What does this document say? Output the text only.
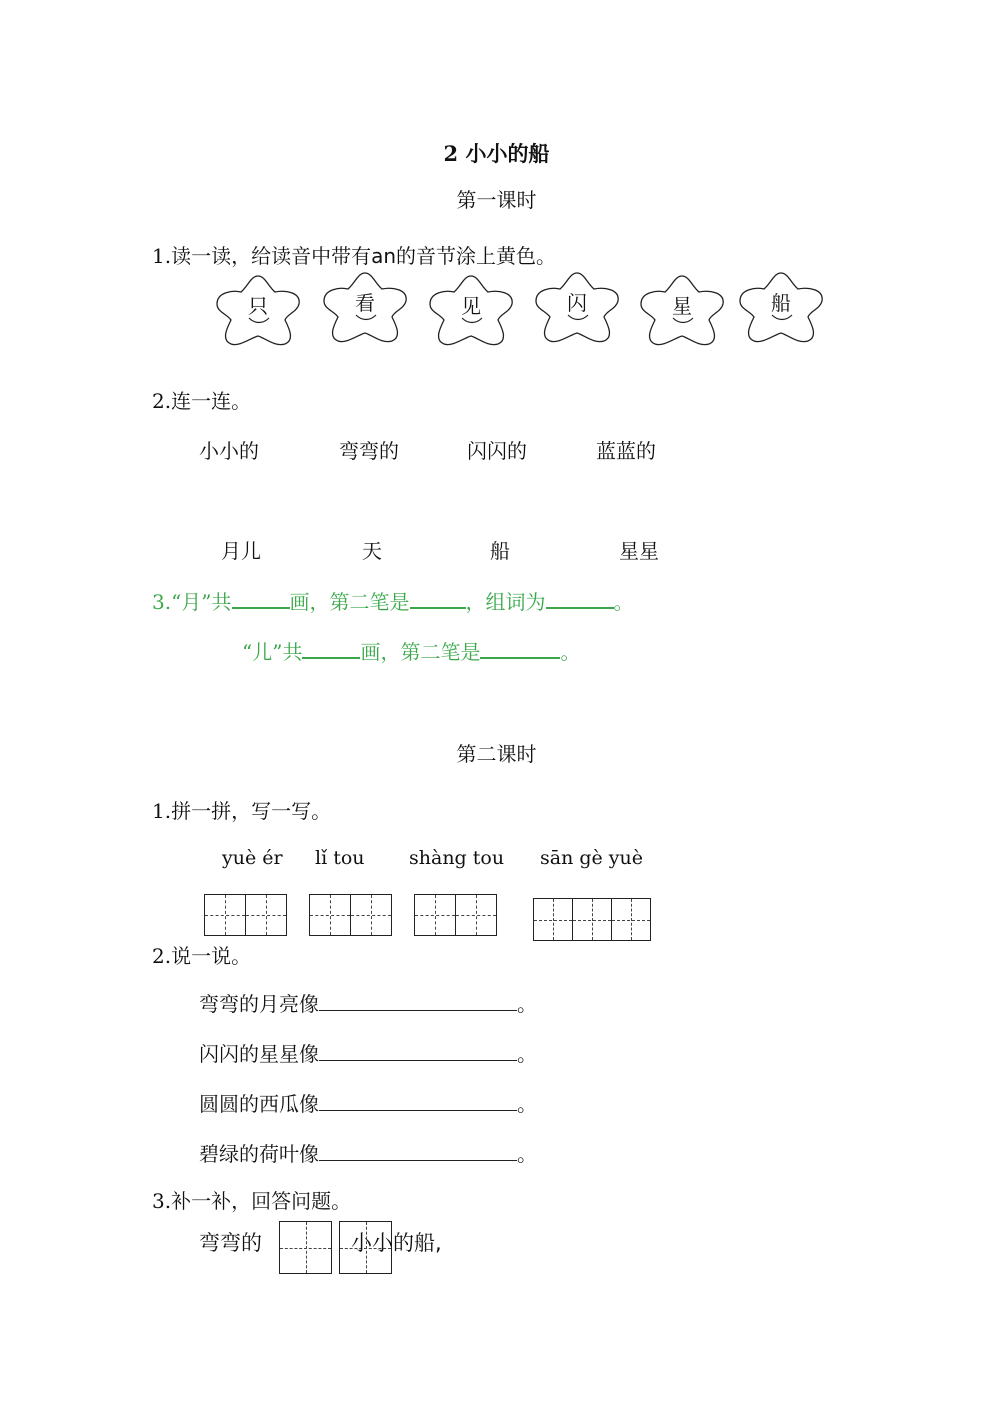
2 小小的船
第一课时
1.读一读，给读音中带有an的音节涂上黄色。
只	看	见	闪	星	船
2.连一连。
小小的	弯弯的	闪闪的	蓝蓝的
月儿	天	船	星星
3.“月”共	画，第二笔是	，组词为	。
“儿”共	画，第二笔是	。
第二课时
1.拼一拼，写一写。
yuè ér lǐ tou shàng tou sān gè yuè
2.说一说。
弯弯的月亮像	。
闪闪的星星像	。
圆圆的西瓜像	。
碧绿的荷叶像	。
3.补一补，回答问题。
弯弯的	小小的船,
